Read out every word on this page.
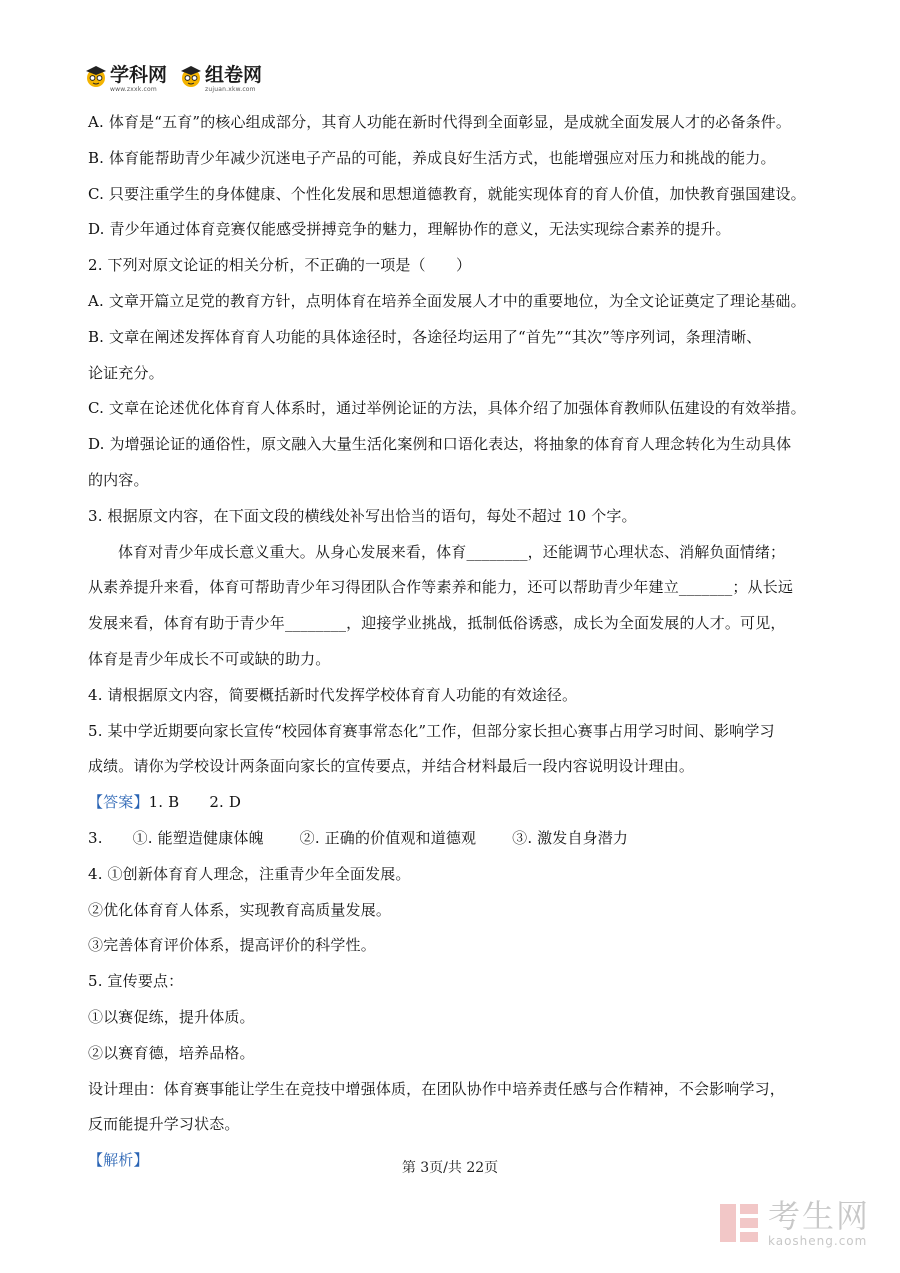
学科网
www.zxxk.com
组卷网
zujuan.xkw.com
A. 体育是“五育”的核心组成部分，其育人功能在新时代得到全面彰显，是成就全面发展人才的必备条件。
B. 体育能帮助青少年减少沉迷电子产品的可能，养成良好生活方式，也能增强应对压力和挑战的能力。
C. 只要注重学生的身体健康、个性化发展和思想道德教育，就能实现体育的育人价值，加快教育强国建设。
D. 青少年通过体育竞赛仅能感受拼搏竞争的魅力，理解协作的意义，无法实现综合素养的提升。
2. 下列对原文论证的相关分析，不正确的一项是（　　）
A. 文章开篇立足党的教育方针，点明体育在培养全面发展人才中的重要地位，为全文论证奠定了理论基础。
B. 文章在阐述发挥体育育人功能的具体途径时，各途径均运用了“首先”“其次”等序列词，条理清晰、
论证充分。
C. 文章在论述优化体育育人体系时，通过举例论证的方法，具体介绍了加强体育教师队伍建设的有效举措。
D. 为增强论证的通俗性，原文融入大量生活化案例和口语化表达，将抽象的体育育人理念转化为生动具体
的内容。
3. 根据原文内容，在下面文段的横线处补写出恰当的语句，每处不超过 10 个字。
体育对青少年成长意义重大。从身心发展来看，体育________，还能调节心理状态、消解负面情绪；
从素养提升来看，体育可帮助青少年习得团队合作等素养和能力，还可以帮助青少年建立_______；从长远
发展来看，体育有助于青少年________，迎接学业挑战，抵制低俗诱惑，成长为全面发展的人才。可见，
体育是青少年成长不可或缺的助力。
4. 请根据原文内容，简要概括新时代发挥学校体育育人功能的有效途径。
5. 某中学近期要向家长宣传“校园体育赛事常态化”工作，但部分家长担心赛事占用学习时间、影响学习
成绩。请你为学校设计两条面向家长的宣传要点，并结合材料最后一段内容说明设计理由。
【答案】1. B 2. D
3. ①. 能塑造健康体魄 ②. 正确的价值观和道德观 ③. 激发自身潜力
4. ①创新体育育人理念，注重青少年全面发展。
②优化体育育人体系，实现教育高质量发展。
③完善体育评价体系，提高评价的科学性。
5. 宣传要点：
①以赛促练，提升体质。
②以赛育德，培养品格。
设计理由：体育赛事能让学生在竞技中增强体质，在团队协作中培养责任感与合作精神，不会影响学习，
反而能提升学习状态。
【解析】	第 3页/共 22页
考生网
kaosheng.com
